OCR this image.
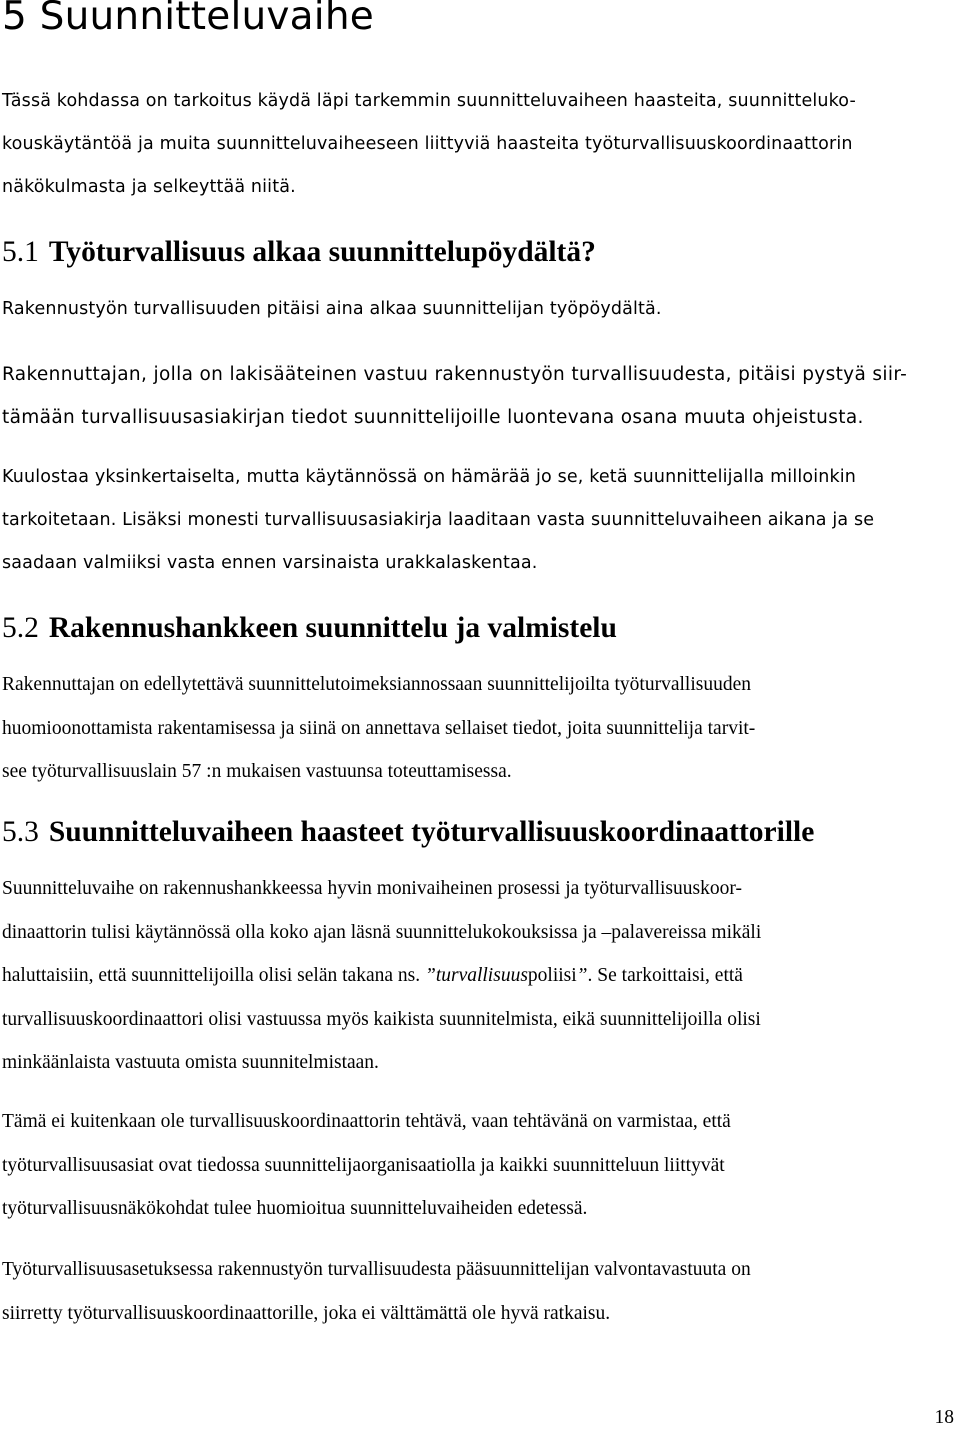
5 Suunnitteluvaihe

Tässä kohdassa on tarkoitus käydä läpi tarkemmin suunnitteluvaiheen haasteita, suunnitteluko-
kouskäytäntöä ja muita suunnitteluvaiheeseen liittyviä haasteita työturvallisuuskoordinaattorin
näkökulmasta ja selkeyttää niitä.

5.1 Työturvallisuus alkaa suunnittelupöydältä?

Rakennustyön turvallisuuden pitäisi aina alkaa suunnittelijan työpöydältä.

Rakennuttajan, jolla on lakisääteinen vastuu rakennustyön turvallisuudesta, pitäisi pystyä siir-
tämään turvallisuusasiakirjan tiedot suunnittelijoille luontevana osana muuta ohjeistusta.

Kuulostaa yksinkertaiselta, mutta käytännössä on hämärää jo se, ketä suunnittelijalla milloinkin
tarkoitetaan. Lisäksi monesti turvallisuusasiakirja laaditaan vasta suunnitteluvaiheen aikana ja se
saadaan valmiiksi vasta ennen varsinaista urakkalaskentaa.

5.2 Rakennushankkeen suunnittelu ja valmistelu

Rakennuttajan on edellytettävä suunnittelutoimeksiannossaan suunnittelijoilta työturvallisuuden
huomioonottamista rakentamisessa ja siinä on annettava sellaiset tiedot, joita suunnittelija tarvit-
see työturvallisuuslain 57 :n mukaisen vastuunsa toteuttamisessa.

5.3 Suunnitteluvaiheen haasteet työturvallisuuskoordinaattorille

Suunnitteluvaihe on rakennushankkeessa hyvin monivaiheinen prosessi ja työturvallisuuskoor-
dinaattorin tulisi käytännössä olla koko ajan läsnä suunnittelukokouksissa ja –palavereissa mikäli
haluttaisiin, että suunnittelijoilla olisi selän takana ns. ”turvallisuuspoliisi”. Se tarkoittaisi, että
turvallisuuskoordinaattori olisi vastuussa myös kaikista suunnitelmista, eikä suunnittelijoilla olisi
minkäänlaista vastuuta omista suunnitelmistaan.

Tämä ei kuitenkaan ole turvallisuuskoordinaattorin tehtävä, vaan tehtävänä on varmistaa, että
työturvallisuusasiat ovat tiedossa suunnittelijaorganisaatiolla ja kaikki suunnitteluun liittyvät
työturvallisuusnäkökohdat tulee huomioitua suunnitteluvaiheiden edetessä.

Työturvallisuusasetuksessa rakennustyön turvallisuudesta pääsuunnittelijan valvontavastuuta on
siirretty työturvallisuuskoordinaattorille, joka ei välttämättä ole hyvä ratkaisu.

18
